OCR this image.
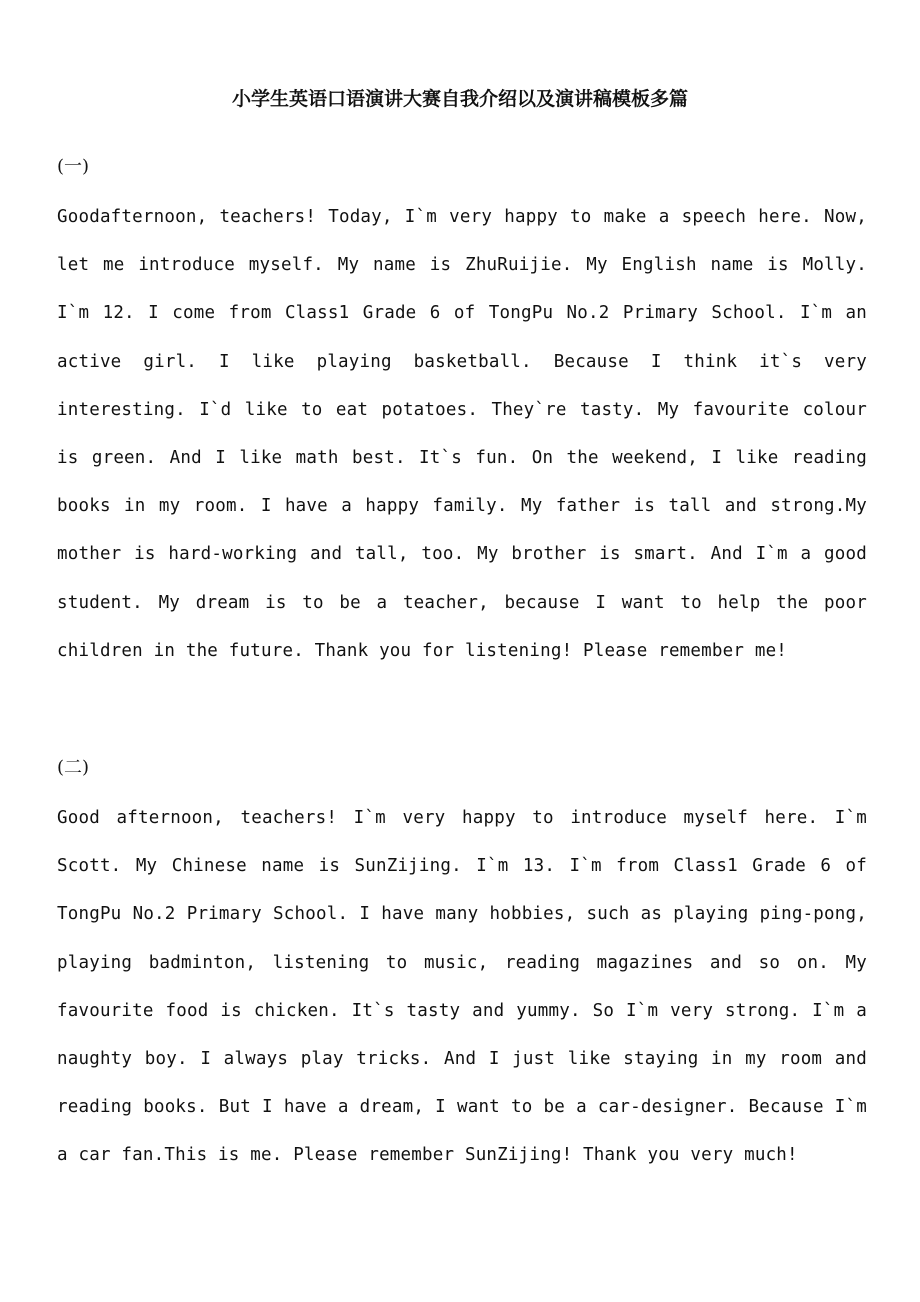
小学生英语口语演讲大赛自我介绍以及演讲稿模板多篇
(一)

Goodafternoon, teachers! Today, I`m very happy to make a speech here. Now, let me introduce myself. My name is ZhuRuijie. My English name is Molly. I`m 12. I come from Class1 Grade 6 of TongPu No.2 Primary School. I`m an active girl. I like playing basketball. Because I think it`s very interesting. I`d like to eat potatoes. They`re tasty. My favourite colour is green. And I like math best. It`s fun. On the weekend, I like reading books in my room. I have a happy family. My father is tall and strong.My mother is hard-working and tall, too. My brother is smart. And I`m a good student. My dream is to be a teacher, because I want to help the poor children in the future. Thank you for listening! Please remember me!

(二)

Good afternoon, teachers! I`m very happy to introduce myself here. I`m Scott. My Chinese name is SunZijing. I`m 13. I`m from Class1 Grade 6 of TongPu No.2 Primary School. I have many hobbies, such as playing ping-pong, playing badminton, listening to music, reading magazines and so on. My favourite food is chicken. It`s tasty and yummy. So I`m very strong. I`m a naughty boy. I always play tricks. And I just like staying in my room and reading books. But I have a dream, I want to be a car-designer. Because I`m a car fan.This is me. Please remember SunZijing! Thank you very much!
